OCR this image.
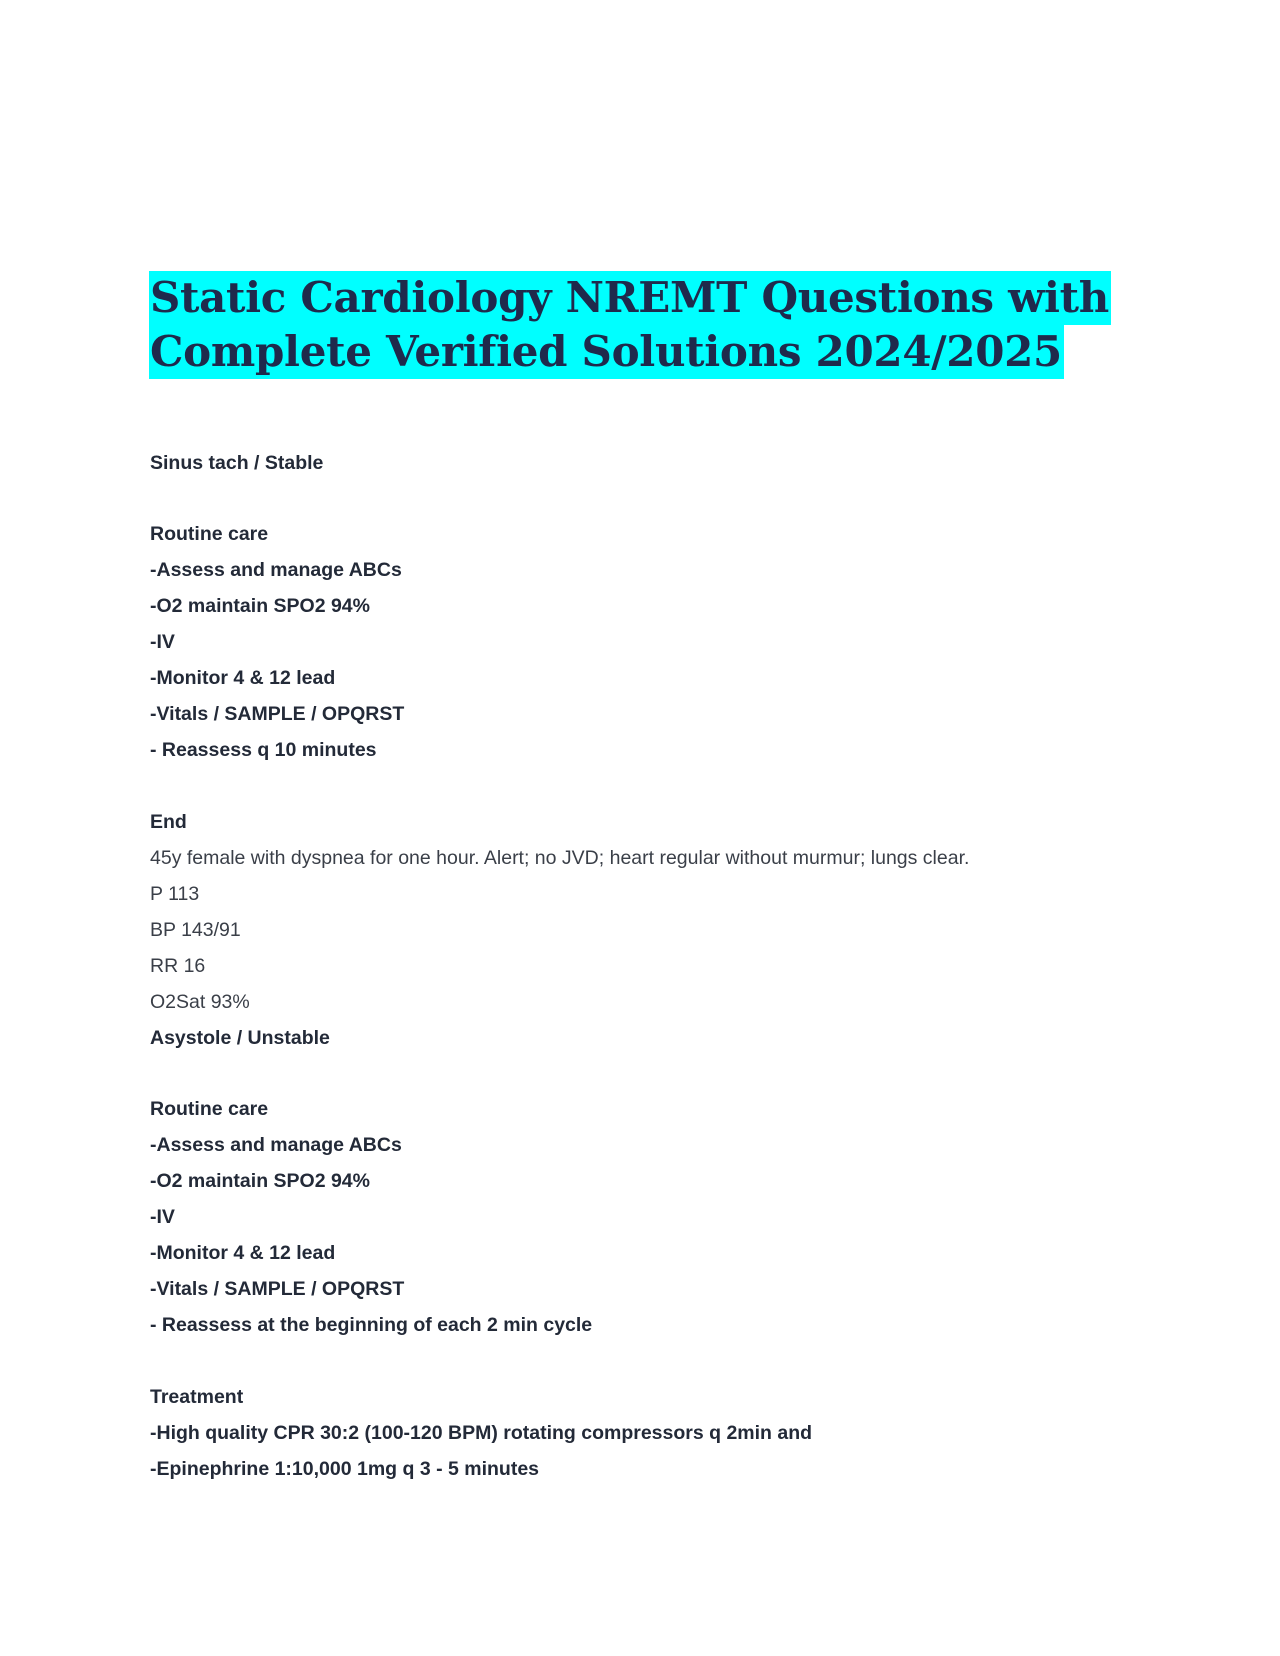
Static Cardiology NREMT Questions with
Complete Verified Solutions 2024/2025

Sinus tach / Stable

Routine care

-Assess and manage ABCs

-O2 maintain SPO2 94%

-IV

-Monitor 4 & 12 lead

-Vitals / SAMPLE / OPQRST

- Reassess q 10 minutes

End

45y female with dyspnea for one hour. Alert; no JVD; heart regular without murmur; lungs clear.

P 113

BP 143/91

RR 16

O2Sat 93%

Asystole / Unstable

Routine care

-Assess and manage ABCs

-O2 maintain SPO2 94%

-IV

-Monitor 4 & 12 lead

-Vitals / SAMPLE / OPQRST

- Reassess at the beginning of each 2 min cycle

Treatment

-High quality CPR 30:2 (100-120 BPM) rotating compressors q 2min and

-Epinephrine 1:10,000 1mg q 3 - 5 minutes
